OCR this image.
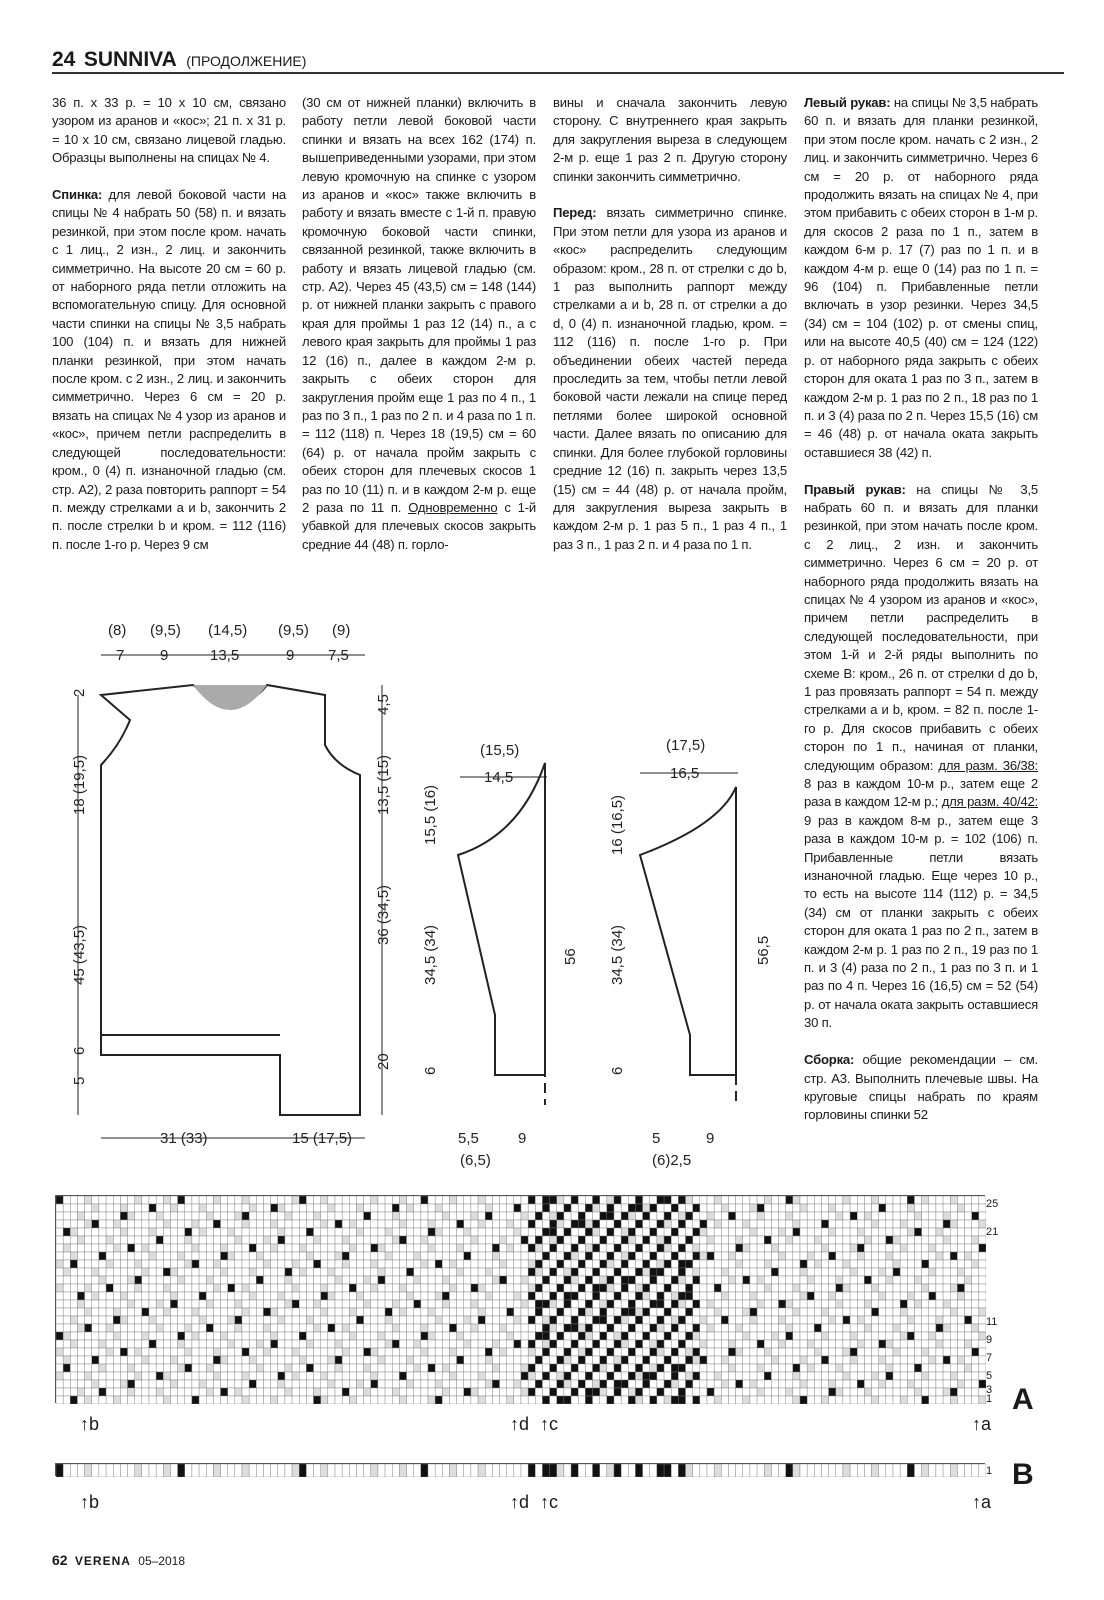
24 SUNNIVA (ПРОДОЛЖЕНИЕ)

36 п. х 33 р. = 10 х 10 см, связано узором из аранов и «кос»; 21 п. х 31 р. = 10 х 10 см, связано лицевой гладью. Образцы выполнены на спицах № 4.

Спинка: для левой боковой части на спицы № 4 набрать 50 (58) п. и вязать резинкой, при этом после кром. начать с 1 лиц., 2 изн., 2 лиц. и закончить симметрично. На высоте 20 см = 60 р. от наборного ряда петли отложить на вспомогательную спицу. Для основной части спинки на спицы № 3,5 набрать 100 (104) п. и вязать для нижней планки резинкой, при этом начать после кром. с 2 изн., 2 лиц. и закончить симметрично. Через 6 см = 20 р. вязать на спицах № 4 узор из аранов и «кос», причем петли распределить в следующей последовательности: кром., 0 (4) п. изнаночной гладью (см. стр. А2), 2 раза повторить раппорт = 54 п. между стрелками a и b, закончить 2 п. после стрелки b и кром. = 112 (116) п. после 1-го р. Через 9 см

(30 см от нижней планки) включить в работу петли левой боковой части спинки и вязать на всех 162 (174) п. вышеприведенными узорами, при этом левую кромочную на спинке с узором из аранов и «кос» также включить в работу и вязать вместе с 1-й п. правую кромочную боковой части спинки, связанной резинкой, также включить в работу и вязать лицевой гладью (см. стр. А2). Через 45 (43,5) см = 148 (144) р. от нижней планки закрыть с правого края для проймы 1 раз 12 (14) п., а с левого края закрыть для проймы 1 раз 12 (16) п., далее в каждом 2-м р. закрыть с обеих сторон для закругления пройм еще 1 раз по 4 п., 1 раз по 3 п., 1 раз по 2 п. и 4 раза по 1 п. = 112 (118) п. Через 18 (19,5) см = 60 (64) р. от начала пройм закрыть с обеих сторон для плечевых скосов 1 раз по 10 (11) п. и в каждом 2-м р. еще 2 раза по 11 п. Одновременно с 1-й убавкой для плечевых скосов закрыть средние 44 (48) п. горло-

вины и сначала закончить левую сторону. С внутреннего края закрыть для закругления выреза в следующем 2-м р. еще 1 раз 2 п. Другую сторону спинки закончить симметрично.

Перед: вязать симметрично спинке. При этом петли для узора из аранов и «кос» распределить следующим образом: кром., 28 п. от стрелки c до b, 1 раз выполнить раппорт между стрелками a и b, 28 п. от стрелки a до d, 0 (4) п. изнаночной гладью, кром. = 112 (116) п. после 1-го р. При объединении обеих частей переда проследить за тем, чтобы петли левой боковой части лежали на спице перед петлями более широкой основной части. Далее вязать по описанию для спинки. Для более глубокой горловины средние 12 (16) п. закрыть через 13,5 (15) см = 44 (48) р. от начала пройм, для закругления выреза закрыть в каждом 2-м р. 1 раз 5 п., 1 раз 4 п., 1 раз 3 п., 1 раз 2 п. и 4 раза по 1 п.

Левый рукав: на спицы № 3,5 набрать 60 п. и вязать для планки резинкой, при этом после кром. начать с 2 изн., 2 лиц. и закончить симметрично. Через 6 см = 20 р. от наборного ряда продолжить вязать на спицах № 4, при этом прибавить с обеих сторон в 1-м р. для скосов 2 раза по 1 п., затем в каждом 6-м р. 17 (7) раз по 1 п. и в каждом 4-м р. еще 0 (14) раз по 1 п. = 96 (104) п. Прибавленные петли включать в узор резинки. Через 34,5 (34) см = 104 (102) р. от смены спиц, или на высоте 40,5 (40) см = 124 (122) р. от наборного ряда закрыть с обеих сторон для оката 1 раз по 3 п., затем в каждом 2-м р. 1 раз по 2 п., 18 раз по 1 п. и 3 (4) раза по 2 п. Через 15,5 (16) см = 46 (48) р. от начала оката закрыть оставшиеся 38 (42) п.

Правый рукав: на спицы № 3,5 набрать 60 п. и вязать для планки резинкой, при этом начать после кром. с 2 лиц., 2 изн. и закончить симметрично. Через 6 см = 20 р. от наборного ряда продолжить вязать на спицах № 4 узором из аранов и «кос», причем петли распределить в следующей последовательности, при этом 1-й и 2-й ряды выполнить по схеме В: кром., 26 п. от стрелки d до b, 1 раз провязать раппорт = 54 п. между стрелками a и b, кром. = 82 п. после 1-го р. Для скосов прибавить с обеих сторон по 1 п., начиная от планки, следующим образом: для разм. 36/38: 8 раз в каждом 10-м р., затем еще 2 раза в каждом 12-м р.; для разм. 40/42: 9 раз в каждом 8-м р., затем еще 3 раза в каждом 10-м р. = 102 (106) п. Прибавленные петли вязать изнаночной гладью. Еще через 10 р., то есть на высоте 114 (112) р. = 34,5 (34) см от планки закрыть с обеих сторон для оката 1 раз по 2 п., затем в каждом 2-м р. 1 раз по 2 п., 19 раз по 1 п. и 3 (4) раза по 2 п., 1 раз по 3 п. и 1 раз по 4 п. Через 16 (16,5) см = 52 (54) р. от начала оката закрыть оставшиеся 30 п.

Сборка: общие рекомендации – см. стр. А3. Выполнить плечевые швы. На круговые спицы набрать по краям горловины спинки 52

(8) (9,5) (14,5) (9,5) (9)
7 9	13,5	9 7,5
2
18 (19,5)
45 (43,5)
5
6
4,5
13,5 (15)
36 (34,5)
20
31 (33)	15 (17,5)
(15,5)
14,5
15,5 (16)
34,5 (34)
6
56
5,5	9
(6,5)
(17,5)
16,5
16 (16,5)
34,5 (34)
6
56,5
5	9
(6)2,5
25
21
11
9
7
5
3
1 A
↑b	↑d ↑c	↑a
1 B
↑b	↑d ↑c	↑a
62 VERENA 05–2018
